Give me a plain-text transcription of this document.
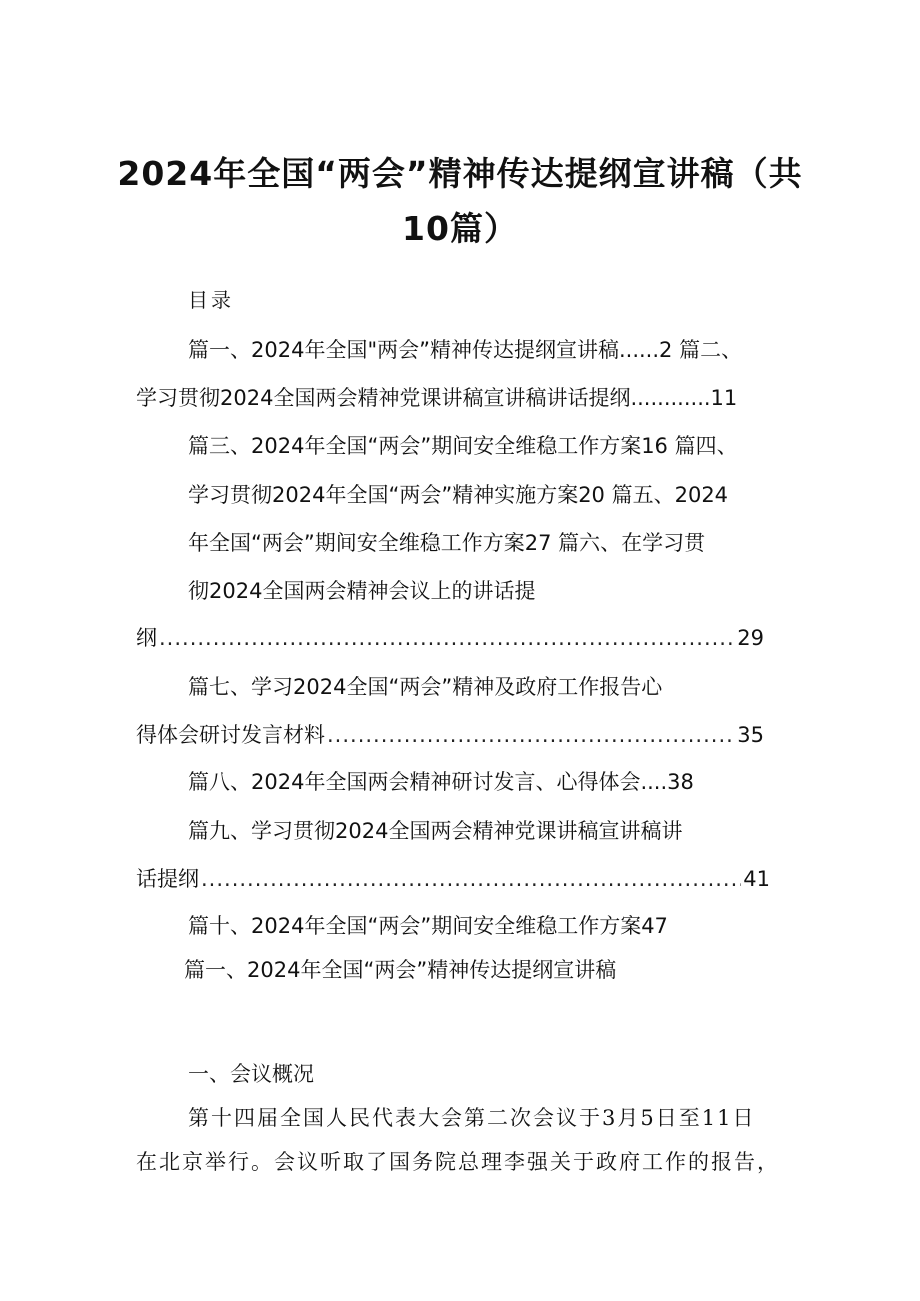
2024年全国“两会”精神传达提纲宣讲稿（共
10篇）
目录
篇一、2024年全国"两会”精神传达提纲宣讲稿......2 篇二、
学习贯彻2024全国两会精神党课讲稿宣讲稿讲话提纲............11
篇三、2024年全国“两会”期间安全维稳工作方案16 篇四、
学习贯彻2024年全国“两会”精神实施方案20 篇五、2024
年全国“两会”期间安全维稳工作方案27 篇六、在学习贯
彻2024全国两会精神会议上的讲话提
纲 .....	29
篇七、学习2024全国“两会”精神及政府工作报告心
得体会研讨发言材料 .....	35
篇八、2024年全国两会精神研讨发言、心得体会....38
篇九、学习贯彻2024全国两会精神党课讲稿宣讲稿讲
话提纲 .....	41
篇十、2024年全国“两会”期间安全维稳工作方案47
篇一、2024年全国“两会”精神传达提纲宣讲稿
一、会议概况
第十四届全国人民代表大会第二次会议于3月5日至11日
在北京举行。会议听取了国务院总理李强关于政府工作的报告，
